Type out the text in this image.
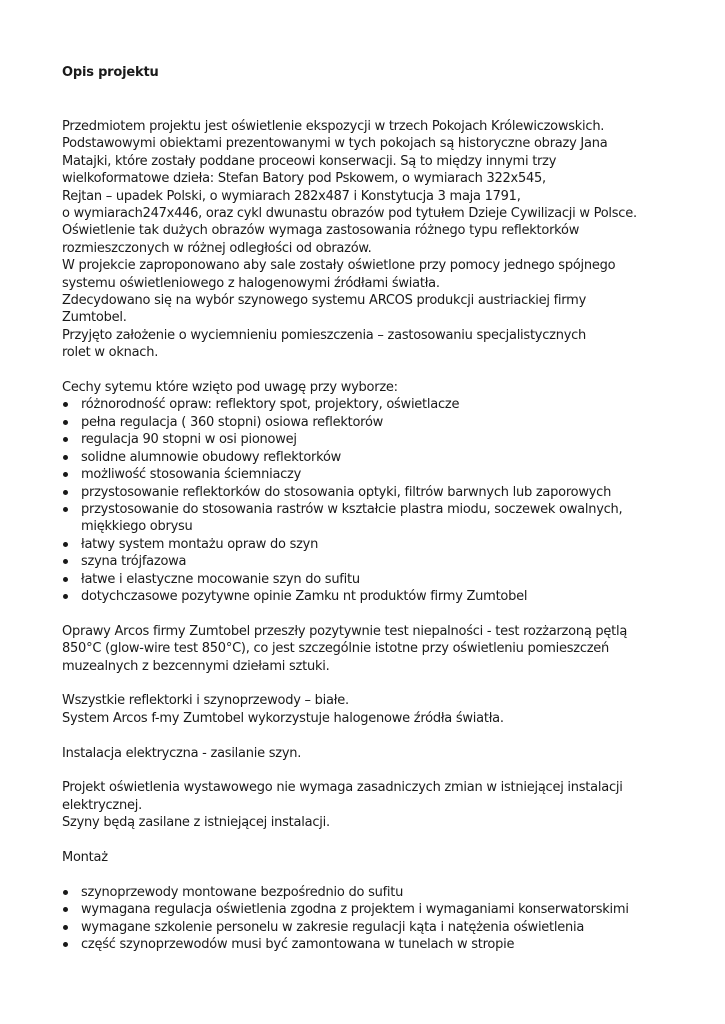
Opis projektu

Przedmiotem projektu jest oświetlenie ekspozycji w trzech Pokojach Królewiczowskich.
Podstawowymi obiektami prezentowanymi w tych pokojach są historyczne obrazy Jana
Matajki, które zostały poddane proceowi konserwacji. Są to między innymi trzy
wielkoformatowe dzieła: Stefan Batory pod Pskowem, o wymiarach 322x545,
Rejtan – upadek Polski, o wymiarach 282x487 i Konstytucja 3 maja 1791,
o wymiarach247x446, oraz cykl dwunastu obrazów pod tytułem Dzieje Cywilizacji w Polsce.
Oświetlenie tak dużych obrazów wymaga zastosowania różnego typu reflektorków
rozmieszczonych w różnej odległości od obrazów.
W projekcie zaproponowano aby sale zostały oświetlone przy pomocy jednego spójnego
systemu oświetleniowego z halogenowymi źródłami światła.
Zdecydowano się na wybór szynowego systemu ARCOS produkcji austriackiej firmy
Zumtobel.
Przyjęto założenie o wyciemnieniu pomieszczenia – zastosowaniu specjalistycznych
rolet w oknach.

Cechy sytemu które wzięto pod uwagę przy wyborze:

różnorodność opraw: reflektory spot, projektory, oświetlacze
pełna regulacja ( 360 stopni) osiowa reflektorów
regulacja 90 stopni w osi pionowej
solidne alumnowie obudowy reflektorków
możliwość stosowania ściemniaczy
przystosowanie reflektorków do stosowania optyki, filtrów barwnych lub zaporowych
przystosowanie do stosowania rastrów w kształcie plastra miodu, soczewek owalnych,
miękkiego obrysu
łatwy system montażu opraw do szyn
szyna trójfazowa
łatwe i elastyczne mocowanie szyn do sufitu
dotychczasowe pozytywne opinie Zamku nt produktów firmy Zumtobel

Oprawy Arcos firmy Zumtobel przeszły pozytywnie test niepalności - test rozżarzoną pętlą
850°C (glow-wire test 850°C), co jest szczególnie istotne przy oświetleniu pomieszczeń
muzealnych z bezcennymi dziełami sztuki.

Wszystkie reflektorki i szynoprzewody – białe.
System Arcos f-my Zumtobel wykorzystuje halogenowe źródła światła.

Instalacja elektryczna - zasilanie szyn.

Projekt oświetlenia wystawowego nie wymaga zasadniczych zmian w istniejącej instalacji
elektrycznej.
Szyny będą zasilane z istniejącej instalacji.

Montaż

szynoprzewody montowane bezpośrednio do sufitu
wymagana regulacja oświetlenia zgodna z projektem i wymaganiami konserwatorskimi
wymagane szkolenie personelu w zakresie regulacji kąta i natężenia oświetlenia
część szynoprzewodów musi być zamontowana w tunelach w stropie
